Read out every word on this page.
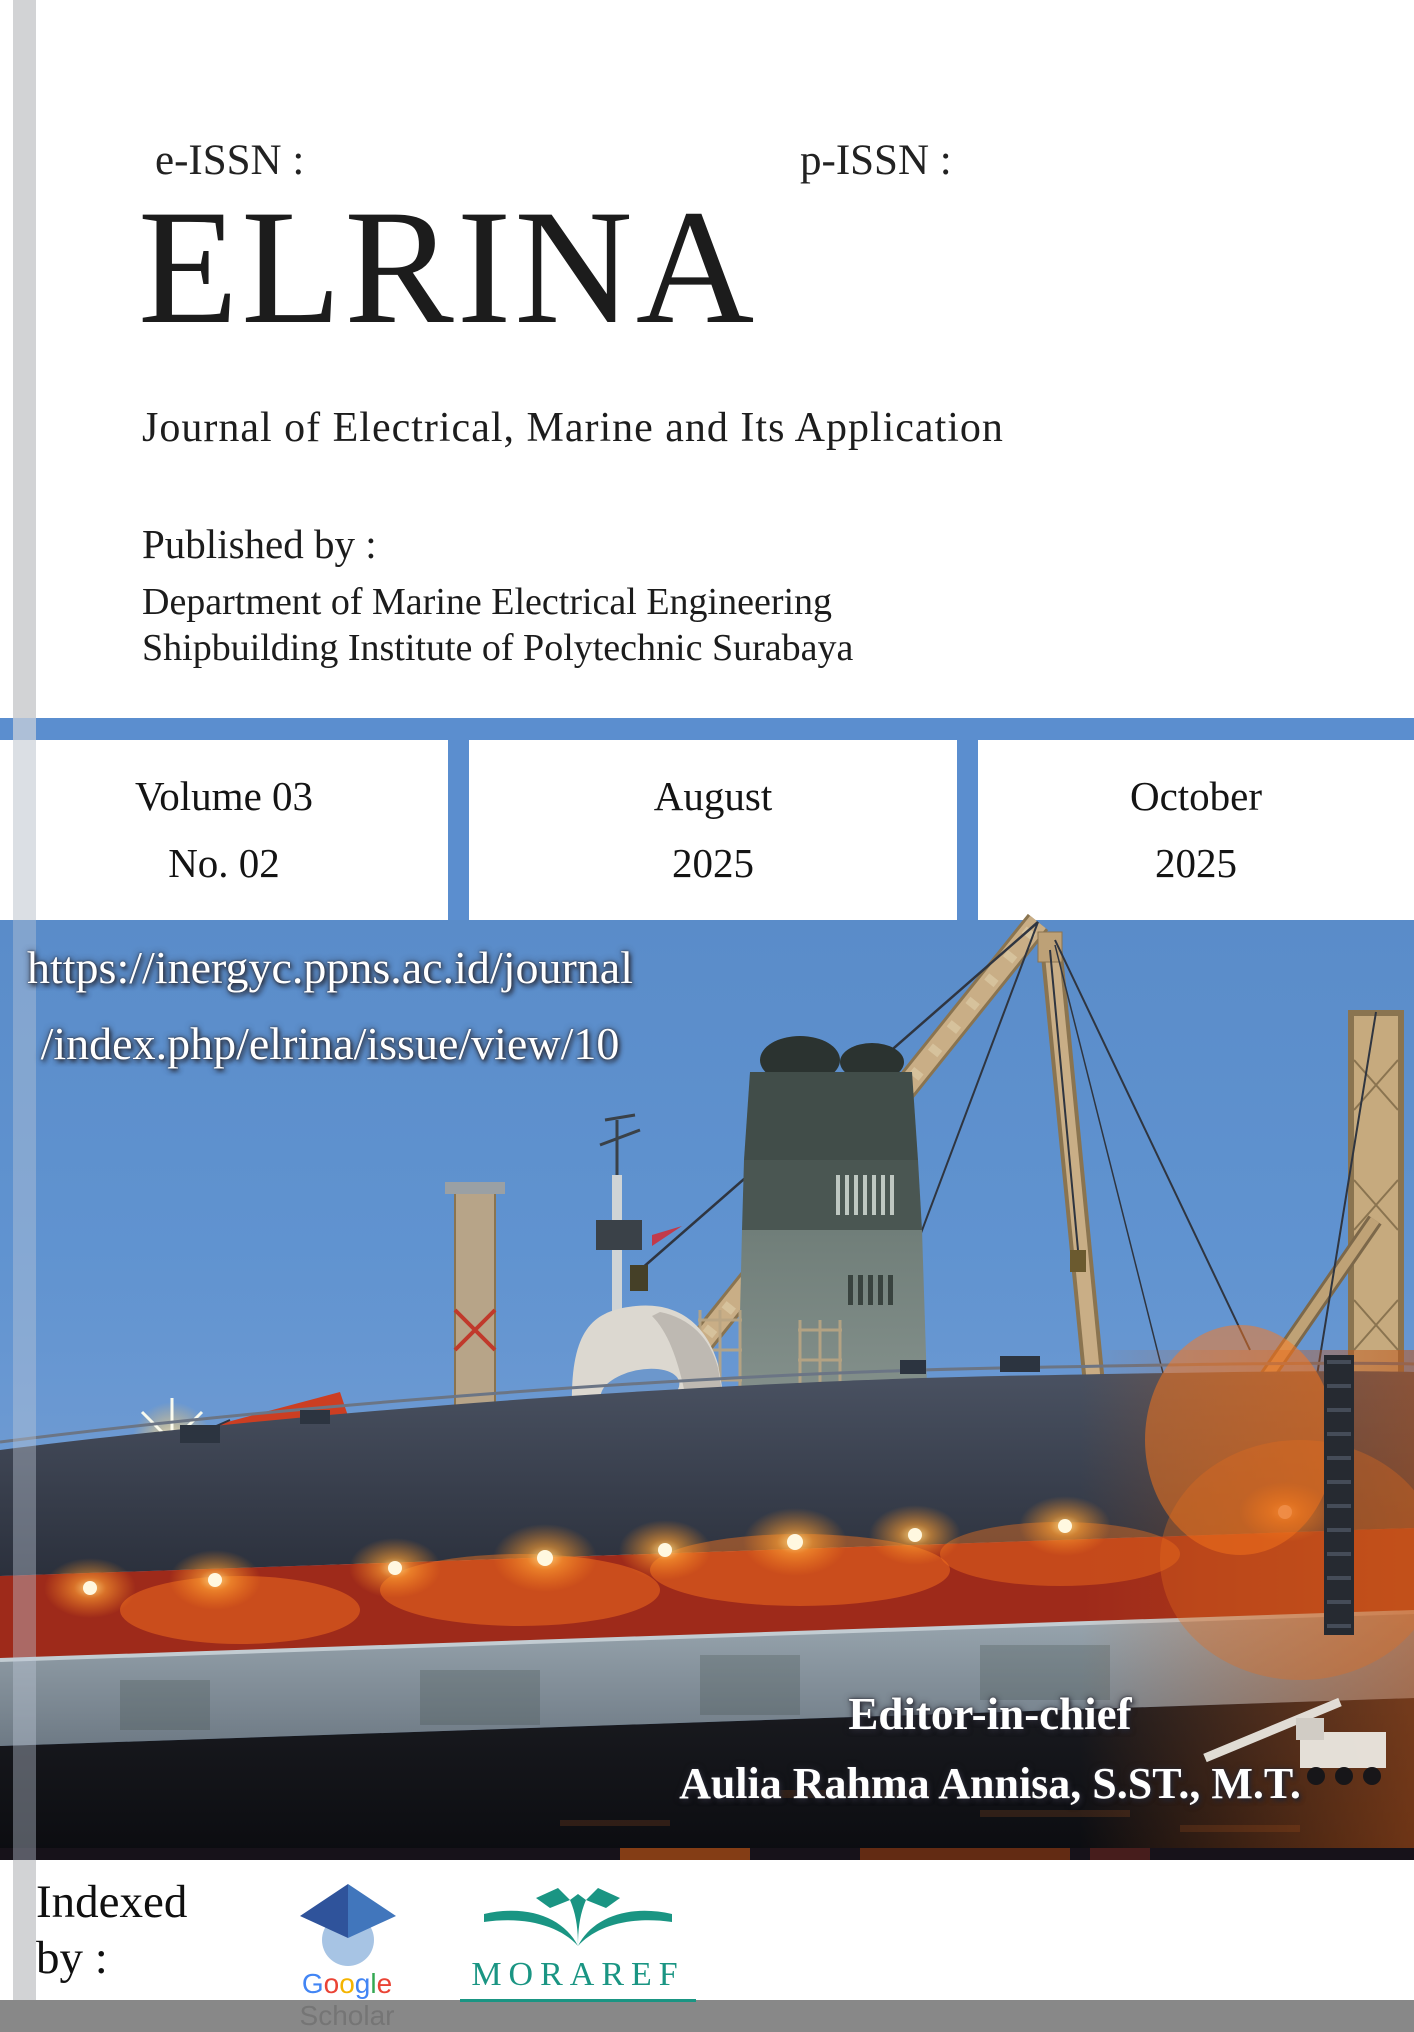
e-ISSN :	p-ISSN :
ELRINA
Journal of Electrical, Marine and Its Application
Published by :
Department of Marine Electrical Engineering
Shipbuilding Institute of Polytechnic Surabaya
Volume 03
No. 02
August
2025
October
2025
https://inergyc.ppns.ac.id/journal
/index.php/elrina/issue/view/10
Editor-in-chief
Aulia Rahma Annisa, S.ST., M.T.
Indexed
by :	Google Scholar
MORAREF
